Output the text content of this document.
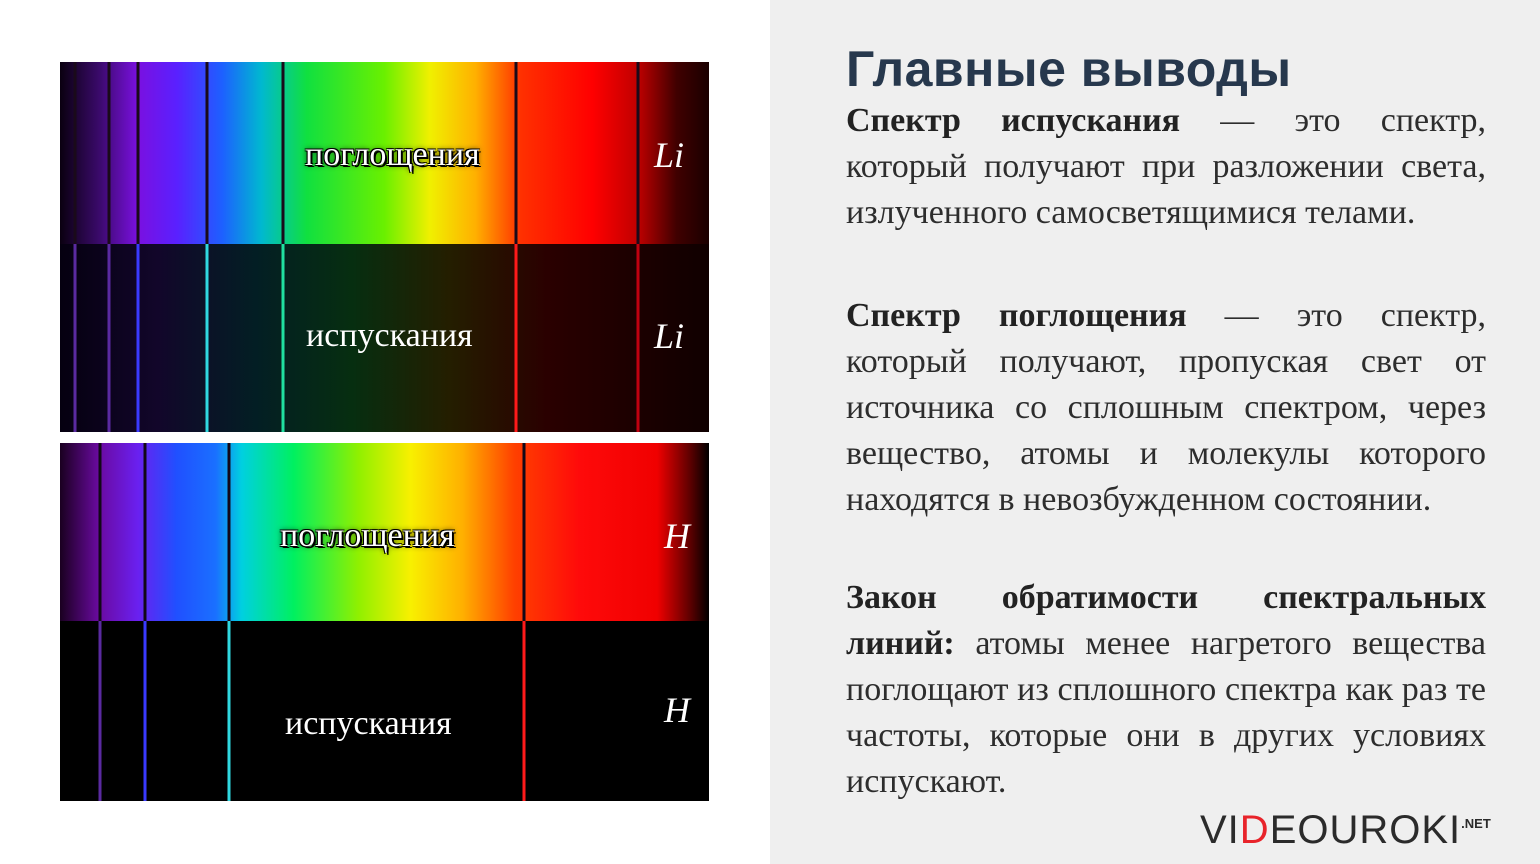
поглощения	Li
испускания	Li
поглощения	H
испускания	H
Главные выводы

Спектр испускания — это спектр, который получают при разложении света, излученного самосветящимися телами.

Спектр поглощения — это спектр, который получают, пропуская свет от источника со сплошным спектром, через вещество, атомы и молекулы которого находятся в невозбужденном состоянии.

Закон обратимости спектральных линий: атомы менее нагретого вещества поглощают из сплошного спектра как раз те частоты, которые они в других условиях испускают.

$VIDEOUROKI^{.NET}$
